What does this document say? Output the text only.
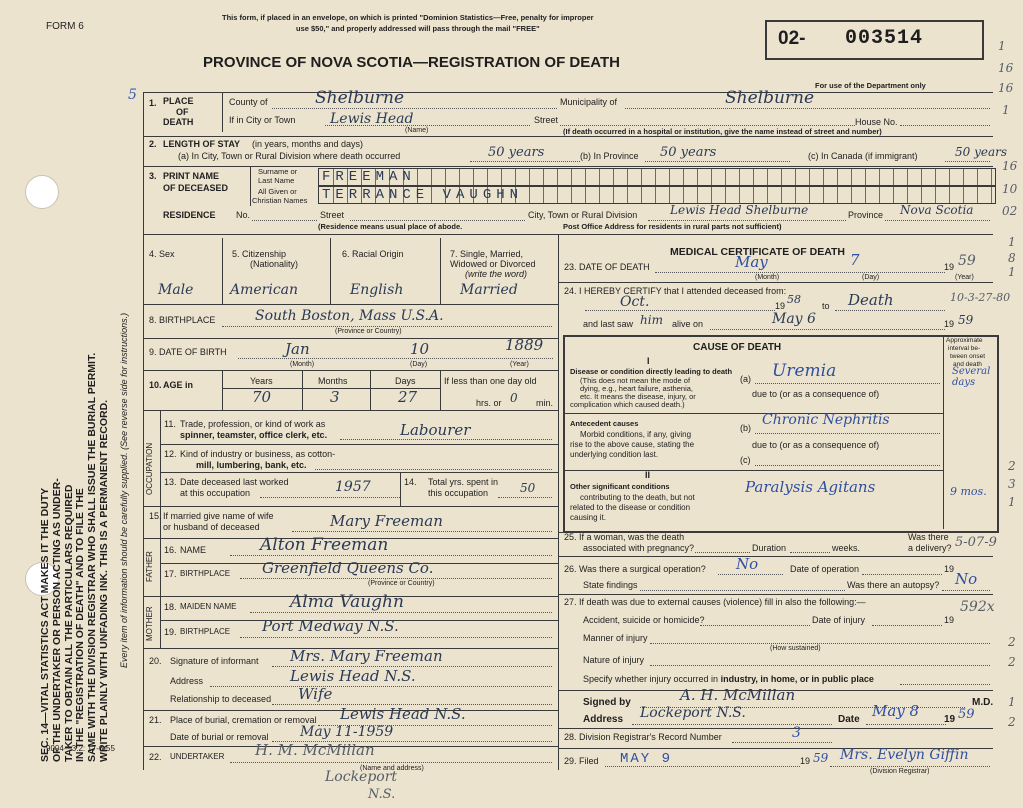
FORM 6
This form, if placed in an envelope, on which is printed "Dominion Statistics—Free, penalty for improper
use $50," and properly addressed will pass through the mail "FREE"
PROVINCE OF NOVA SCOTIA—REGISTRATION OF DEATH
02- 003514
For use of the Department only
SEC. 14—VITAL STATISTICS ACT MAKES IT THE DUTY OF THE UNDERTAKER OR PERSON ACTING AS UNDER- TAKER TO OBTAIN ALL THE PARTICULARS REQUIRED IN THE "REGISTRATION OF DEATH" AND TO FILE THE SAME WITH THE DIVISION REGISTRAR WHO SHALL ISSUE THE BURIAL PERMIT. WRITE PLAINLY WITH UNFADING INK. THIS IS A PERMANENT RECORD. Every item of information should be carefully supplied. (See reverse side for instructions.)
9004—3.2: 17-6-55
1
16
16
1
16
10
02
5
1
8
1
2
3
1
2
2
1
2
1. PLACE
OF
DEATH
County of	Shelburne	Municipality of	Shelburne
If in City or Town Lewis Head
(Name)
Street	House No.
(If death occurred in a hospital or institution, give the name instead of street and number)
2. LENGTH OF STAY (in years, months and days)
(a) In City, Town or Rural Division where death occurred	50 years	(b) In Province 50 years	(c) In Canada (if immigrant)	50 years
3. PRINT NAME
OF DECEASED
Surname or
Last Name
All Given or
Christian Names
FREEMAN
TERRANCE VAUGHN
RESIDENCE No.	Street	City, Town or Rural Division	Lewis Head Shelburne	Province Nova Scotia
(Residence means usual place of abode.	Post Office Address for residents in rural parts not sufficient)
4. Sex	5. Citizenship
(Nationality)
6. Racial Origin	7. Single, Married,
Widowed or Divorced
(write the word)
Male	American	English	Married
8. BIRTHPLACE	South Boston, Mass U.S.A.
(Province or Country)
9. DATE OF BIRTH	Jan	10	1889
(Month)	(Day)	(Year)
10. AGE in	Years	Months	Days	If less than one day old
70	3	27	hrs. or 0 min.
OCCUPATION
11. Trade, profession, or kind of work as
spinner, teamster, office clerk, etc.	Labourer
12. Kind of industry or business, as cotton-
mill, lumbering, bank, etc.
13. Date deceased last worked
at this occupation	1957	14. Total yrs. spent in
this occupation	50
15. If married give name of wife
or husband of deceased	Mary Freeman
FATHER
16. NAME	Alton Freeman
17. BIRTHPLACE Greenfield Queens Co.
(Province or Country)
MOTHER 18. MAIDEN NAME	Alma Vaughn
19. BIRTHPLACE Port Medway N.S.
20. Signature of informant Mrs. Mary Freeman
Address	Lewis Head N.S.
Relationship to deceased Wife
21. Place of burial, cremation or removal Lewis Head N.S.
Date of burial or removal May 11-1959
22. UNDERTAKER H. M. McMillan
(Name and address)
Lockeport
N.S.
MEDICAL CERTIFICATE OF DEATH
23. DATE OF DEATH	May	7
(Month)	(Day)
19 59
(Year)
24. I HEREBY CERTIFY that I attended deceased from:	10-3-27-80
Oct.	19 58 to Death
and last saw him alive on	May 6	19 59
CAUSE OF DEATH
Approximate
interval be-
tween onset
and death
I
Disease or condition directly leading to death
(This does not mean the mode of
dying, e.g., heart failure, asthenia,
etc. It means the disease, injury, or
complication which caused death.)
(a) Uremia	Several days
due to (or as a consequence of)
Antecedent causes
Morbid conditions, if any, giving
rise to the above cause, stating the
underlying condition last.
(b) Chronic Nephritis
due to (or as a consequence of)
(c)
II
Other significant conditions
contributing to the death, but not
related to the disease or condition
causing it.
Paralysis Agitans	9 mos.
25. If a woman, was the death
associated with pregnancy?	Duration	weeks.
Was there
a delivery? 5-07-9
26. Was there a surgical operation? No	Date of operation	19
State findings	Was there an autopsy? No
27. If death was due to external causes (violence) fill in also the following:—	592x
Accident, suicide or homicide?	Date of injury	19
Manner of injury
(How sustained)
Nature of injury
Specify whether injury occurred in industry, in home, or in public place
Signed by	A. H. McMillan	M.D.
Address Lockeport N.S.	Date May 8 19 59
28. Division Registrar's Record Number	3
29. Filed MAY 9	19 59 Mrs. Evelyn Giffin
(Division Registrar)
